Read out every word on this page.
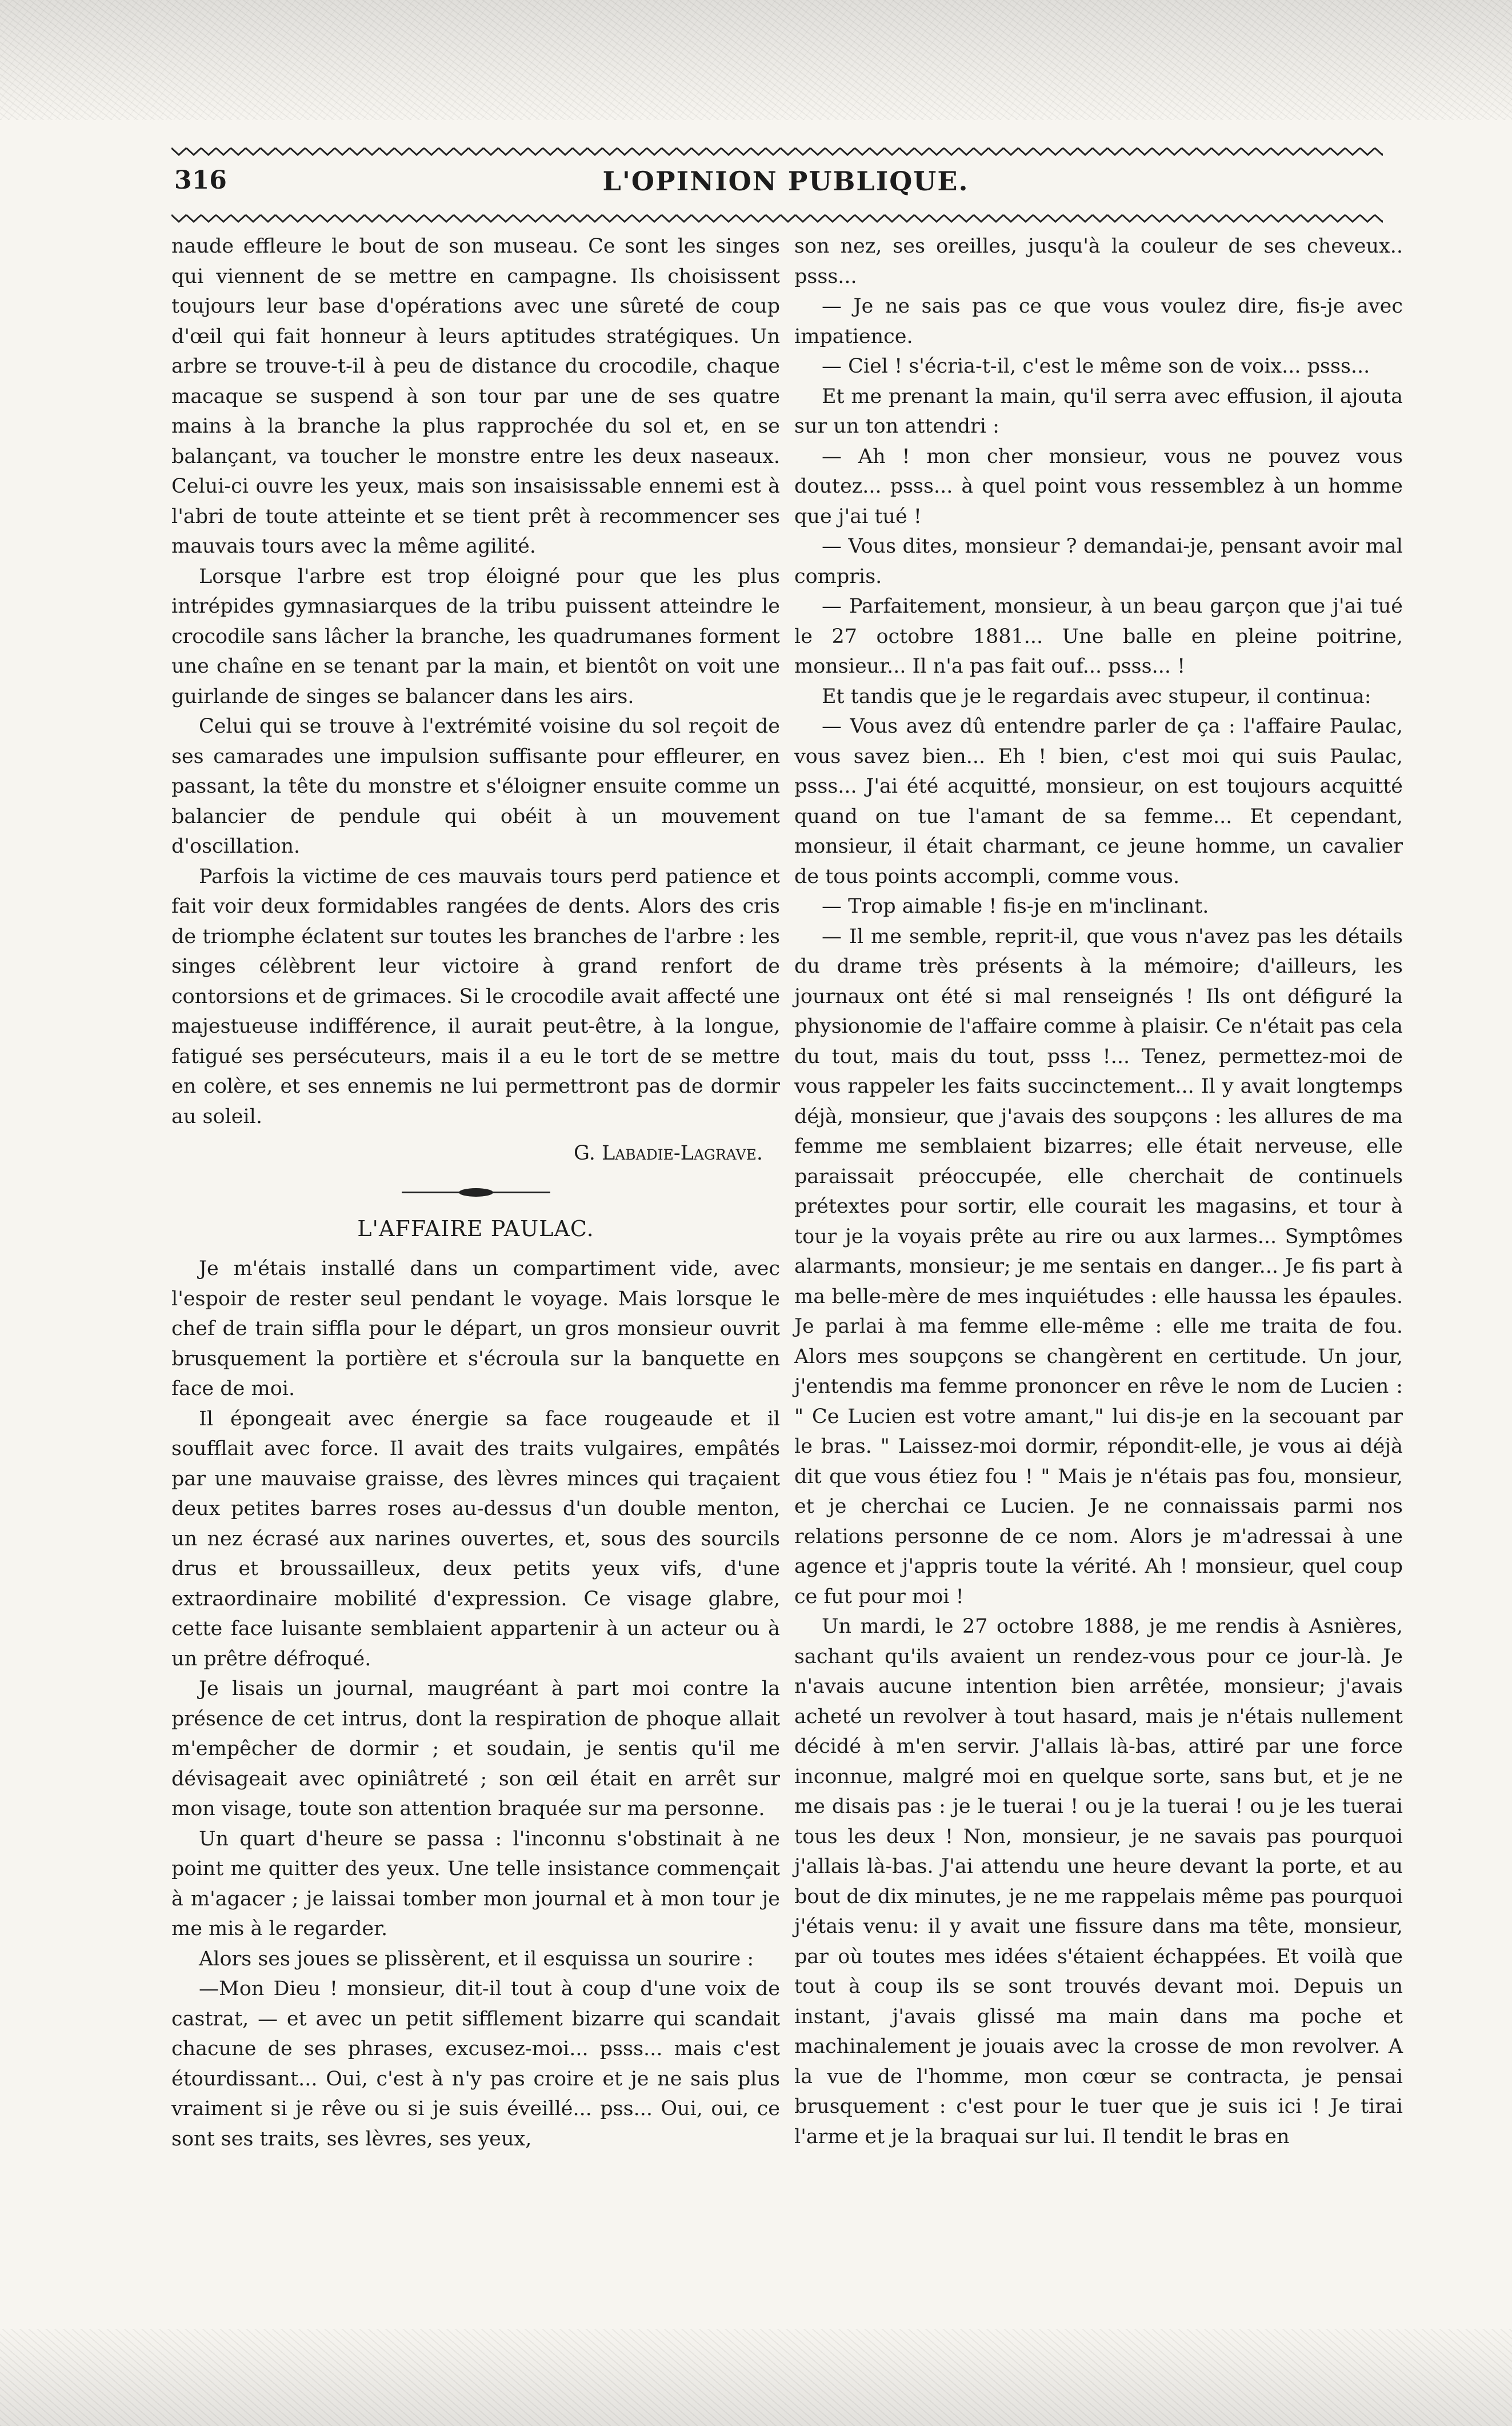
316	L'OPINION PUBLIQUE.

naude effleure le bout de son museau. Ce sont les singes qui viennent de se mettre en campagne. Ils choisissent toujours leur base d'opérations avec une sûreté de coup d'œil qui fait honneur à leurs aptitudes stratégiques. Un arbre se trouve-t-il à peu de distance du crocodile, chaque macaque se suspend à son tour par une de ses quatre mains à la branche la plus rapprochée du sol et, en se balançant, va toucher le monstre entre les deux naseaux. Celui-ci ouvre les yeux, mais son insaisissable ennemi est à l'abri de toute atteinte et se tient prêt à recommencer ses mauvais tours avec la même agilité.

Lorsque l'arbre est trop éloigné pour que les plus intrépides gymnasiarques de la tribu puissent atteindre le crocodile sans lâcher la branche, les quadrumanes forment une chaîne en se tenant par la main, et bientôt on voit une guirlande de singes se balancer dans les airs.

Celui qui se trouve à l'extrémité voisine du sol reçoit de ses camarades une impulsion suffisante pour effleurer, en passant, la tête du monstre et s'éloigner ensuite comme un balancier de pendule qui obéit à un mouvement d'oscillation.

Parfois la victime de ces mauvais tours perd patience et fait voir deux formidables rangées de dents. Alors des cris de triomphe éclatent sur toutes les branches de l'arbre : les singes célèbrent leur victoire à grand renfort de contorsions et de grimaces. Si le crocodile avait affecté une majestueuse indifférence, il aurait peut-être, à la longue, fatigué ses persécuteurs, mais il a eu le tort de se mettre en colère, et ses ennemis ne lui permettront pas de dormir au soleil.

G. Labadie-Lagrave.
L'AFFAIRE PAULAC.

Je m'étais installé dans un compartiment vide, avec l'espoir de rester seul pendant le voyage. Mais lorsque le chef de train siffla pour le départ, un gros monsieur ouvrit brusquement la portière et s'écroula sur la banquette en face de moi.

Il épongeait avec énergie sa face rougeaude et il soufflait avec force. Il avait des traits vulgaires, empâtés par une mauvaise graisse, des lèvres minces qui traçaient deux petites barres roses au-dessus d'un double menton, un nez écrasé aux narines ouvertes, et, sous des sourcils drus et broussailleux, deux petits yeux vifs, d'une extraordinaire mobilité d'expression. Ce visage glabre, cette face luisante semblaient appartenir à un acteur ou à un prêtre défroqué.

Je lisais un journal, maugréant à part moi contre la présence de cet intrus, dont la respiration de phoque allait m'empêcher de dormir ; et soudain, je sentis qu'il me dévisageait avec opiniâtreté ; son œil était en arrêt sur mon visage, toute son attention braquée sur ma personne.

Un quart d'heure se passa : l'inconnu s'obstinait à ne point me quitter des yeux. Une telle insistance commençait à m'agacer ; je laissai tomber mon journal et à mon tour je me mis à le regarder.

Alors ses joues se plissèrent, et il esquissa un sourire :

—Mon Dieu ! monsieur, dit-il tout à coup d'une voix de castrat, — et avec un petit sifflement bizarre qui scandait chacune de ses phrases, excusez-moi... psss... mais c'est étourdissant... Oui, c'est à n'y pas croire et je ne sais plus vraiment si je rêve ou si je suis éveillé... pss... Oui, oui, ce sont ses traits, ses lèvres, ses yeux,

son nez, ses oreilles, jusqu'à la couleur de ses cheveux.. psss...

— Je ne sais pas ce que vous voulez dire, fis-je avec impatience.

— Ciel ! s'écria-t-il, c'est le même son de voix... psss...

Et me prenant la main, qu'il serra avec effusion, il ajouta sur un ton attendri :

— Ah ! mon cher monsieur, vous ne pouvez vous doutez... psss... à quel point vous ressemblez à un homme que j'ai tué !

— Vous dites, monsieur ? demandai-je, pensant avoir mal compris.

— Parfaitement, monsieur, à un beau garçon que j'ai tué le 27 octobre 1881... Une balle en pleine poitrine, monsieur... Il n'a pas fait ouf... psss... !

Et tandis que je le regardais avec stupeur, il continua:

— Vous avez dû entendre parler de ça : l'affaire Paulac, vous savez bien... Eh ! bien, c'est moi qui suis Paulac, psss... J'ai été acquitté, monsieur, on est toujours acquitté quand on tue l'amant de sa femme... Et cependant, monsieur, il était charmant, ce jeune homme, un cavalier de tous points accompli, comme vous.

— Trop aimable ! fis-je en m'inclinant.

— Il me semble, reprit-il, que vous n'avez pas les détails du drame très présents à la mémoire; d'ailleurs, les journaux ont été si mal renseignés ! Ils ont défiguré la physionomie de l'affaire comme à plaisir. Ce n'était pas cela du tout, mais du tout, psss !... Tenez, permettez-moi de vous rappeler les faits succinctement... Il y avait longtemps déjà, monsieur, que j'avais des soupçons : les allures de ma femme me semblaient bizarres; elle était nerveuse, elle paraissait préoccupée, elle cherchait de continuels prétextes pour sortir, elle courait les magasins, et tour à tour je la voyais prête au rire ou aux larmes... Symptômes alarmants, monsieur; je me sentais en danger... Je fis part à ma belle-mère de mes inquiétudes : elle haussa les épaules. Je parlai à ma femme elle-même : elle me traita de fou. Alors mes soupçons se changèrent en certitude. Un jour, j'entendis ma femme prononcer en rêve le nom de Lucien : " Ce Lucien est votre amant," lui dis-je en la secouant par le bras. " Laissez-moi dormir, répondit-elle, je vous ai déjà dit que vous étiez fou ! " Mais je n'étais pas fou, monsieur, et je cherchai ce Lucien. Je ne connaissais parmi nos relations personne de ce nom. Alors je m'adressai à une agence et j'appris toute la vérité. Ah ! monsieur, quel coup ce fut pour moi !

Un mardi, le 27 octobre 1888, je me rendis à Asnières, sachant qu'ils avaient un rendez-vous pour ce jour-là. Je n'avais aucune intention bien arrêtée, monsieur; j'avais acheté un revolver à tout hasard, mais je n'étais nullement décidé à m'en servir. J'allais là-bas, attiré par une force inconnue, malgré moi en quelque sorte, sans but, et je ne me disais pas : je le tuerai ! ou je la tuerai ! ou je les tuerai tous les deux ! Non, monsieur, je ne savais pas pourquoi j'allais là-bas. J'ai attendu une heure devant la porte, et au bout de dix minutes, je ne me rappelais même pas pourquoi j'étais venu: il y avait une fissure dans ma tête, monsieur, par où toutes mes idées s'étaient échappées. Et voilà que tout à coup ils se sont trouvés devant moi. Depuis un instant, j'avais glissé ma main dans ma poche et machinalement je jouais avec la crosse de mon revolver. A la vue de l'homme, mon cœur se contracta, je pensai brusquement : c'est pour le tuer que je suis ici ! Je tirai l'arme et je la braquai sur lui. Il tendit le bras en
